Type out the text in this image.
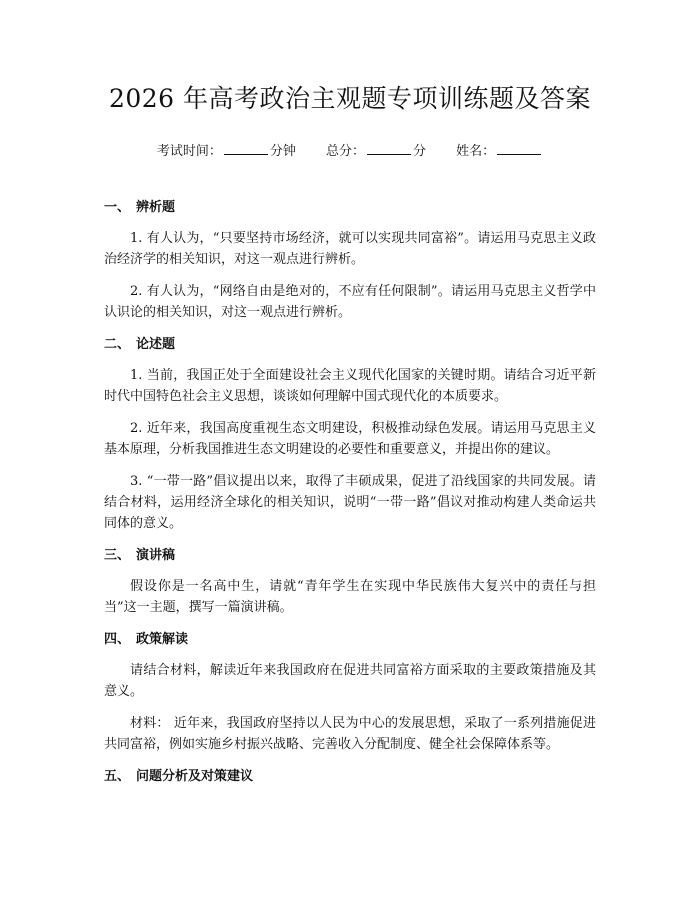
2026 年高考政治主观题专项训练题及答案
考试时间：	分钟 总分：	分 姓名：
一、 辨析题

1. 有人认为，“只要坚持市场经济，就可以实现共同富裕”。请运用马克思主义政治经济学的相关知识，对这一观点进行辨析。

2. 有人认为，“网络自由是绝对的，不应有任何限制”。请运用马克思主义哲学中认识论的相关知识，对这一观点进行辨析。

二、 论述题

1. 当前，我国正处于全面建设社会主义现代化国家的关键时期。请结合习近平新时代中国特色社会主义思想，谈谈如何理解中国式现代化的本质要求。

2. 近年来，我国高度重视生态文明建设，积极推动绿色发展。请运用马克思主义基本原理，分析我国推进生态文明建设的必要性和重要意义，并提出你的建议。

3. “一带一路”倡议提出以来，取得了丰硕成果，促进了沿线国家的共同发展。请结合材料，运用经济全球化的相关知识，说明“一带一路”倡议对推动构建人类命运共同体的意义。

三、 演讲稿

假设你是一名高中生，请就“青年学生在实现中华民族伟大复兴中的责任与担当”这一主题，撰写一篇演讲稿。

四、 政策解读

请结合材料，解读近年来我国政府在促进共同富裕方面采取的主要政策措施及其意义。

材料： 近年来，我国政府坚持以人民为中心的发展思想，采取了一系列措施促进共同富裕，例如实施乡村振兴战略、完善收入分配制度、健全社会保障体系等。

五、 问题分析及对策建议
